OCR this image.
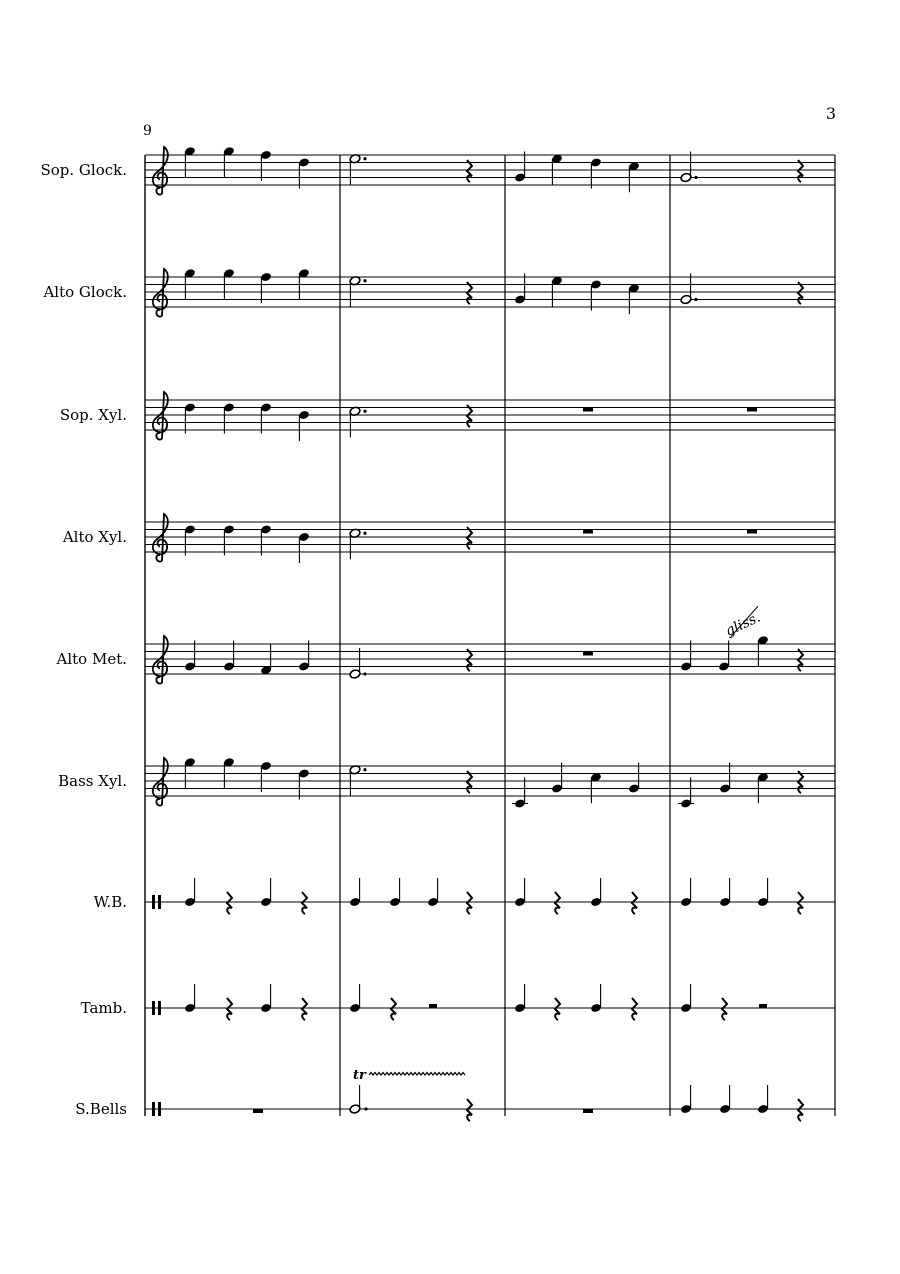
3
9
Sop. Glock.
Alto Glock.
Sop. Xyl.
Alto Xyl.
Alto Met.
Bass Xyl.
W.B.
Tamb.
S.Bells
gliss.
tr
